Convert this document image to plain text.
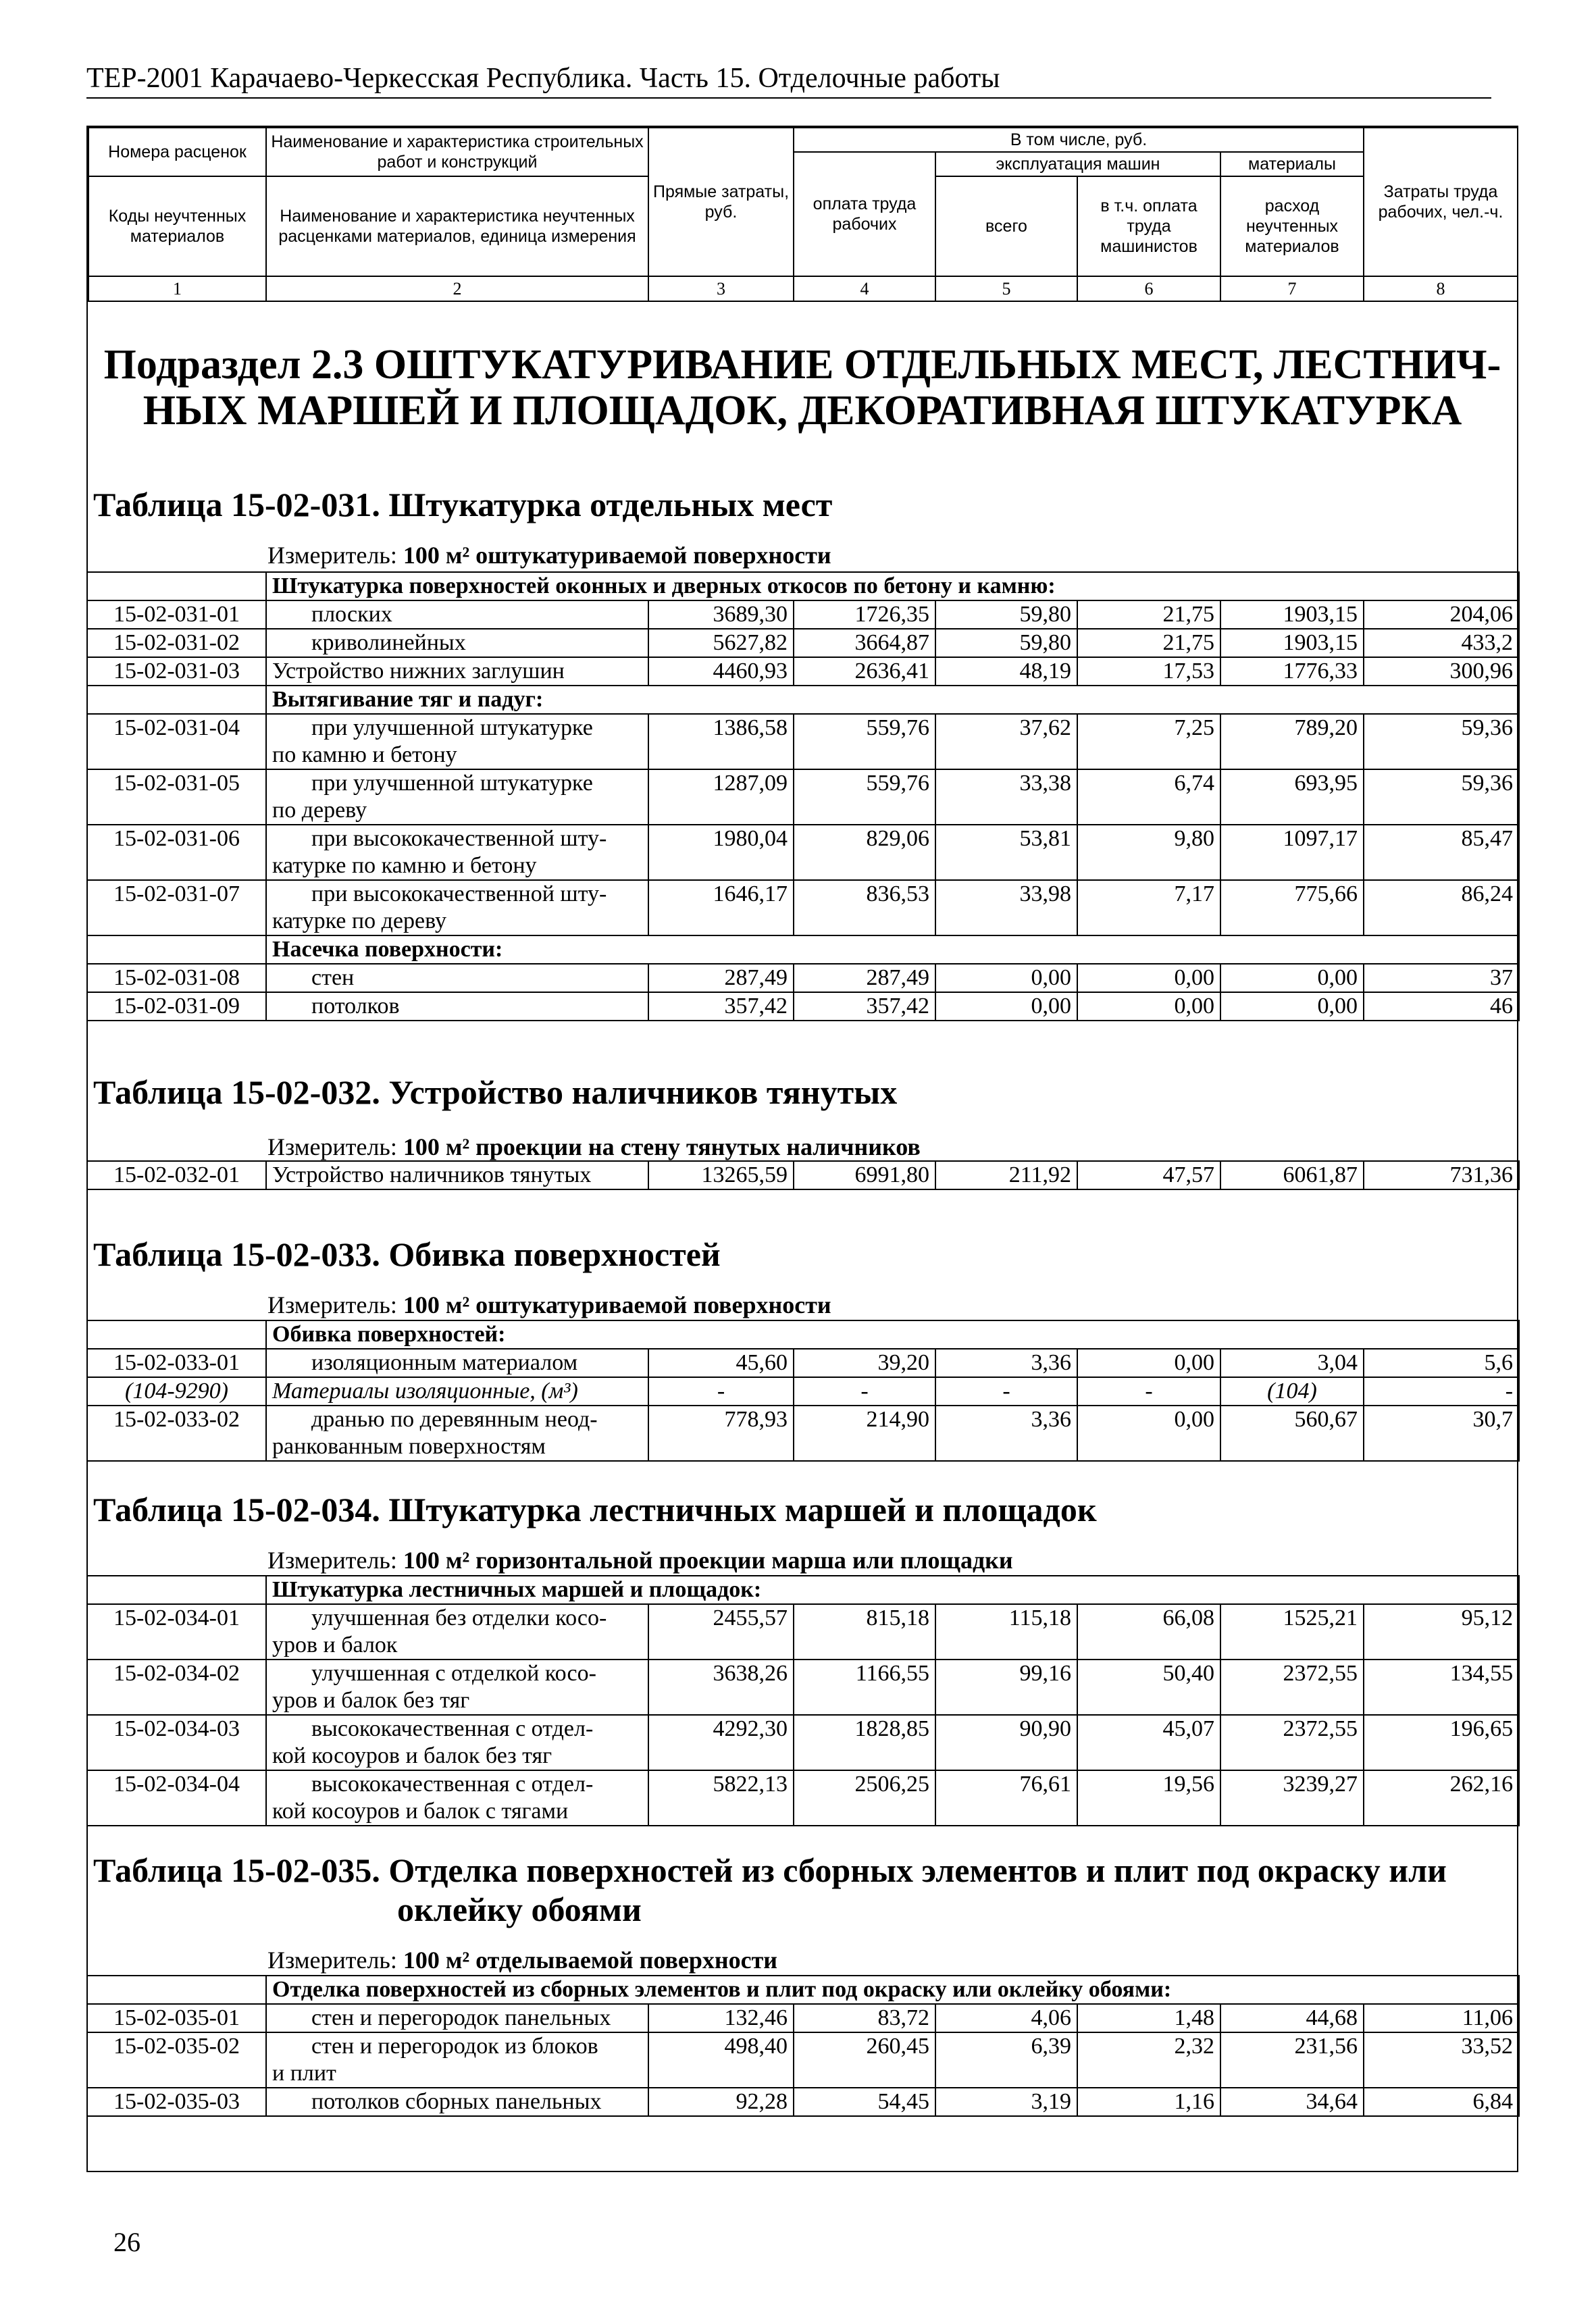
ТЕР-2001 Карачаево-Черкесская Республика. Часть 15. Отделочные работы
Номера расценок	Наименование и характеристика строительных работ и конструкций	Прямые затраты, руб.	В том числе, руб.				Затраты труда рабочих, чел.-ч.
			оплата труда рабочих	эксплуатация машин		материалы	
Коды неучтенных материалов	Наименование и характеристика неучтенных расценками материалов, единица измерения			всего	в т.ч. оплата труда машинистов	расход неучтенных материалов	

1	2	3	4	5	6	7	8
Подраздел 2.3 ОШТУКАТУРИВАНИЕ ОТДЕЛЬНЫХ МЕСТ, ЛЕСТНИЧ-
НЫХ МАРШЕЙ И ПЛОЩАДОК, ДЕКОРАТИВНАЯ ШТУКАТУРКА
Таблица 15-02-031. Штукатурка отдельных мест
Измеритель: 100 м² оштукатуриваемой поверхности
	Штукатурка поверхностей оконных и дверных откосов по бетону и камню:						
15-02-031-01	плоских	3689,30	1726,35	59,80	21,75	1903,15	204,06
15-02-031-02	криволинейных	5627,82	3664,87	59,80	21,75	1903,15	433,2
15-02-031-03	Устройство нижних заглушин	4460,93	2636,41	48,19	17,53	1776,33	300,96
	Вытягивание тяг и падуг:						
15-02-031-04	при улучшенной штукатурке
по камню и бетону	1386,58	559,76	37,62	7,25	789,20	59,36
15-02-031-05	при улучшенной штукатурке
по дереву	1287,09	559,76	33,38	6,74	693,95	59,36
15-02-031-06	при высококачественной шту-
катурке по камню и бетону	1980,04	829,06	53,81	9,80	1097,17	85,47
15-02-031-07	при высококачественной шту-
катурке по дереву	1646,17	836,53	33,98	7,17	775,66	86,24
	Насечка поверхности:						
15-02-031-08	стен	287,49	287,49	0,00	0,00	0,00	37
15-02-031-09	потолков	357,42	357,42	0,00	0,00	0,00	46
Таблица 15-02-032. Устройство наличников тянутых
Измеритель: 100 м² проекции на стену тянутых наличников
15-02-032-01	Устройство наличников тянутых	13265,59	6991,80	211,92	47,57	6061,87	731,36
Таблица 15-02-033. Обивка поверхностей
Измеритель: 100 м² оштукатуриваемой поверхности
	Обивка поверхностей:						
15-02-033-01	изоляционным материалом	45,60	39,20	3,36	0,00	3,04	5,6
(104-9290)	Материалы изоляционные, (м³)	-	-	-	-	(104)	-
15-02-033-02	дранью по деревянным неод-
ранкованным поверхностям	778,93	214,90	3,36	0,00	560,67	30,7
Таблица 15-02-034. Штукатурка лестничных маршей и площадок
Измеритель: 100 м² горизонтальной проекции марша или площадки
	Штукатурка лестничных маршей и площадок:						
15-02-034-01	улучшенная без отделки косо-
уров и балок	2455,57	815,18	115,18	66,08	1525,21	95,12
15-02-034-02	улучшенная с отделкой косо-
уров и балок без тяг	3638,26	1166,55	99,16	50,40	2372,55	134,55
15-02-034-03	высококачественная с отдел-
кой косоуров и балок без тяг	4292,30	1828,85	90,90	45,07	2372,55	196,65
15-02-034-04	высококачественная с отдел-
кой косоуров и балок с тягами	5822,13	2506,25	76,61	19,56	3239,27	262,16
Таблица 15-02-035. Отделка поверхностей из сборных элементов и плит под окраску или
оклейку обоями
Измеритель: 100 м² отделываемой поверхности
	Отделка поверхностей из сборных элементов и плит под окраску или оклейку обоями:						
15-02-035-01	стен и перегородок панельных	132,46	83,72	4,06	1,48	44,68	11,06
15-02-035-02	стен и перегородок из блоков
и плит	498,40	260,45	6,39	2,32	231,56	33,52
15-02-035-03	потолков сборных панельных	92,28	54,45	3,19	1,16	34,64	6,84
26
